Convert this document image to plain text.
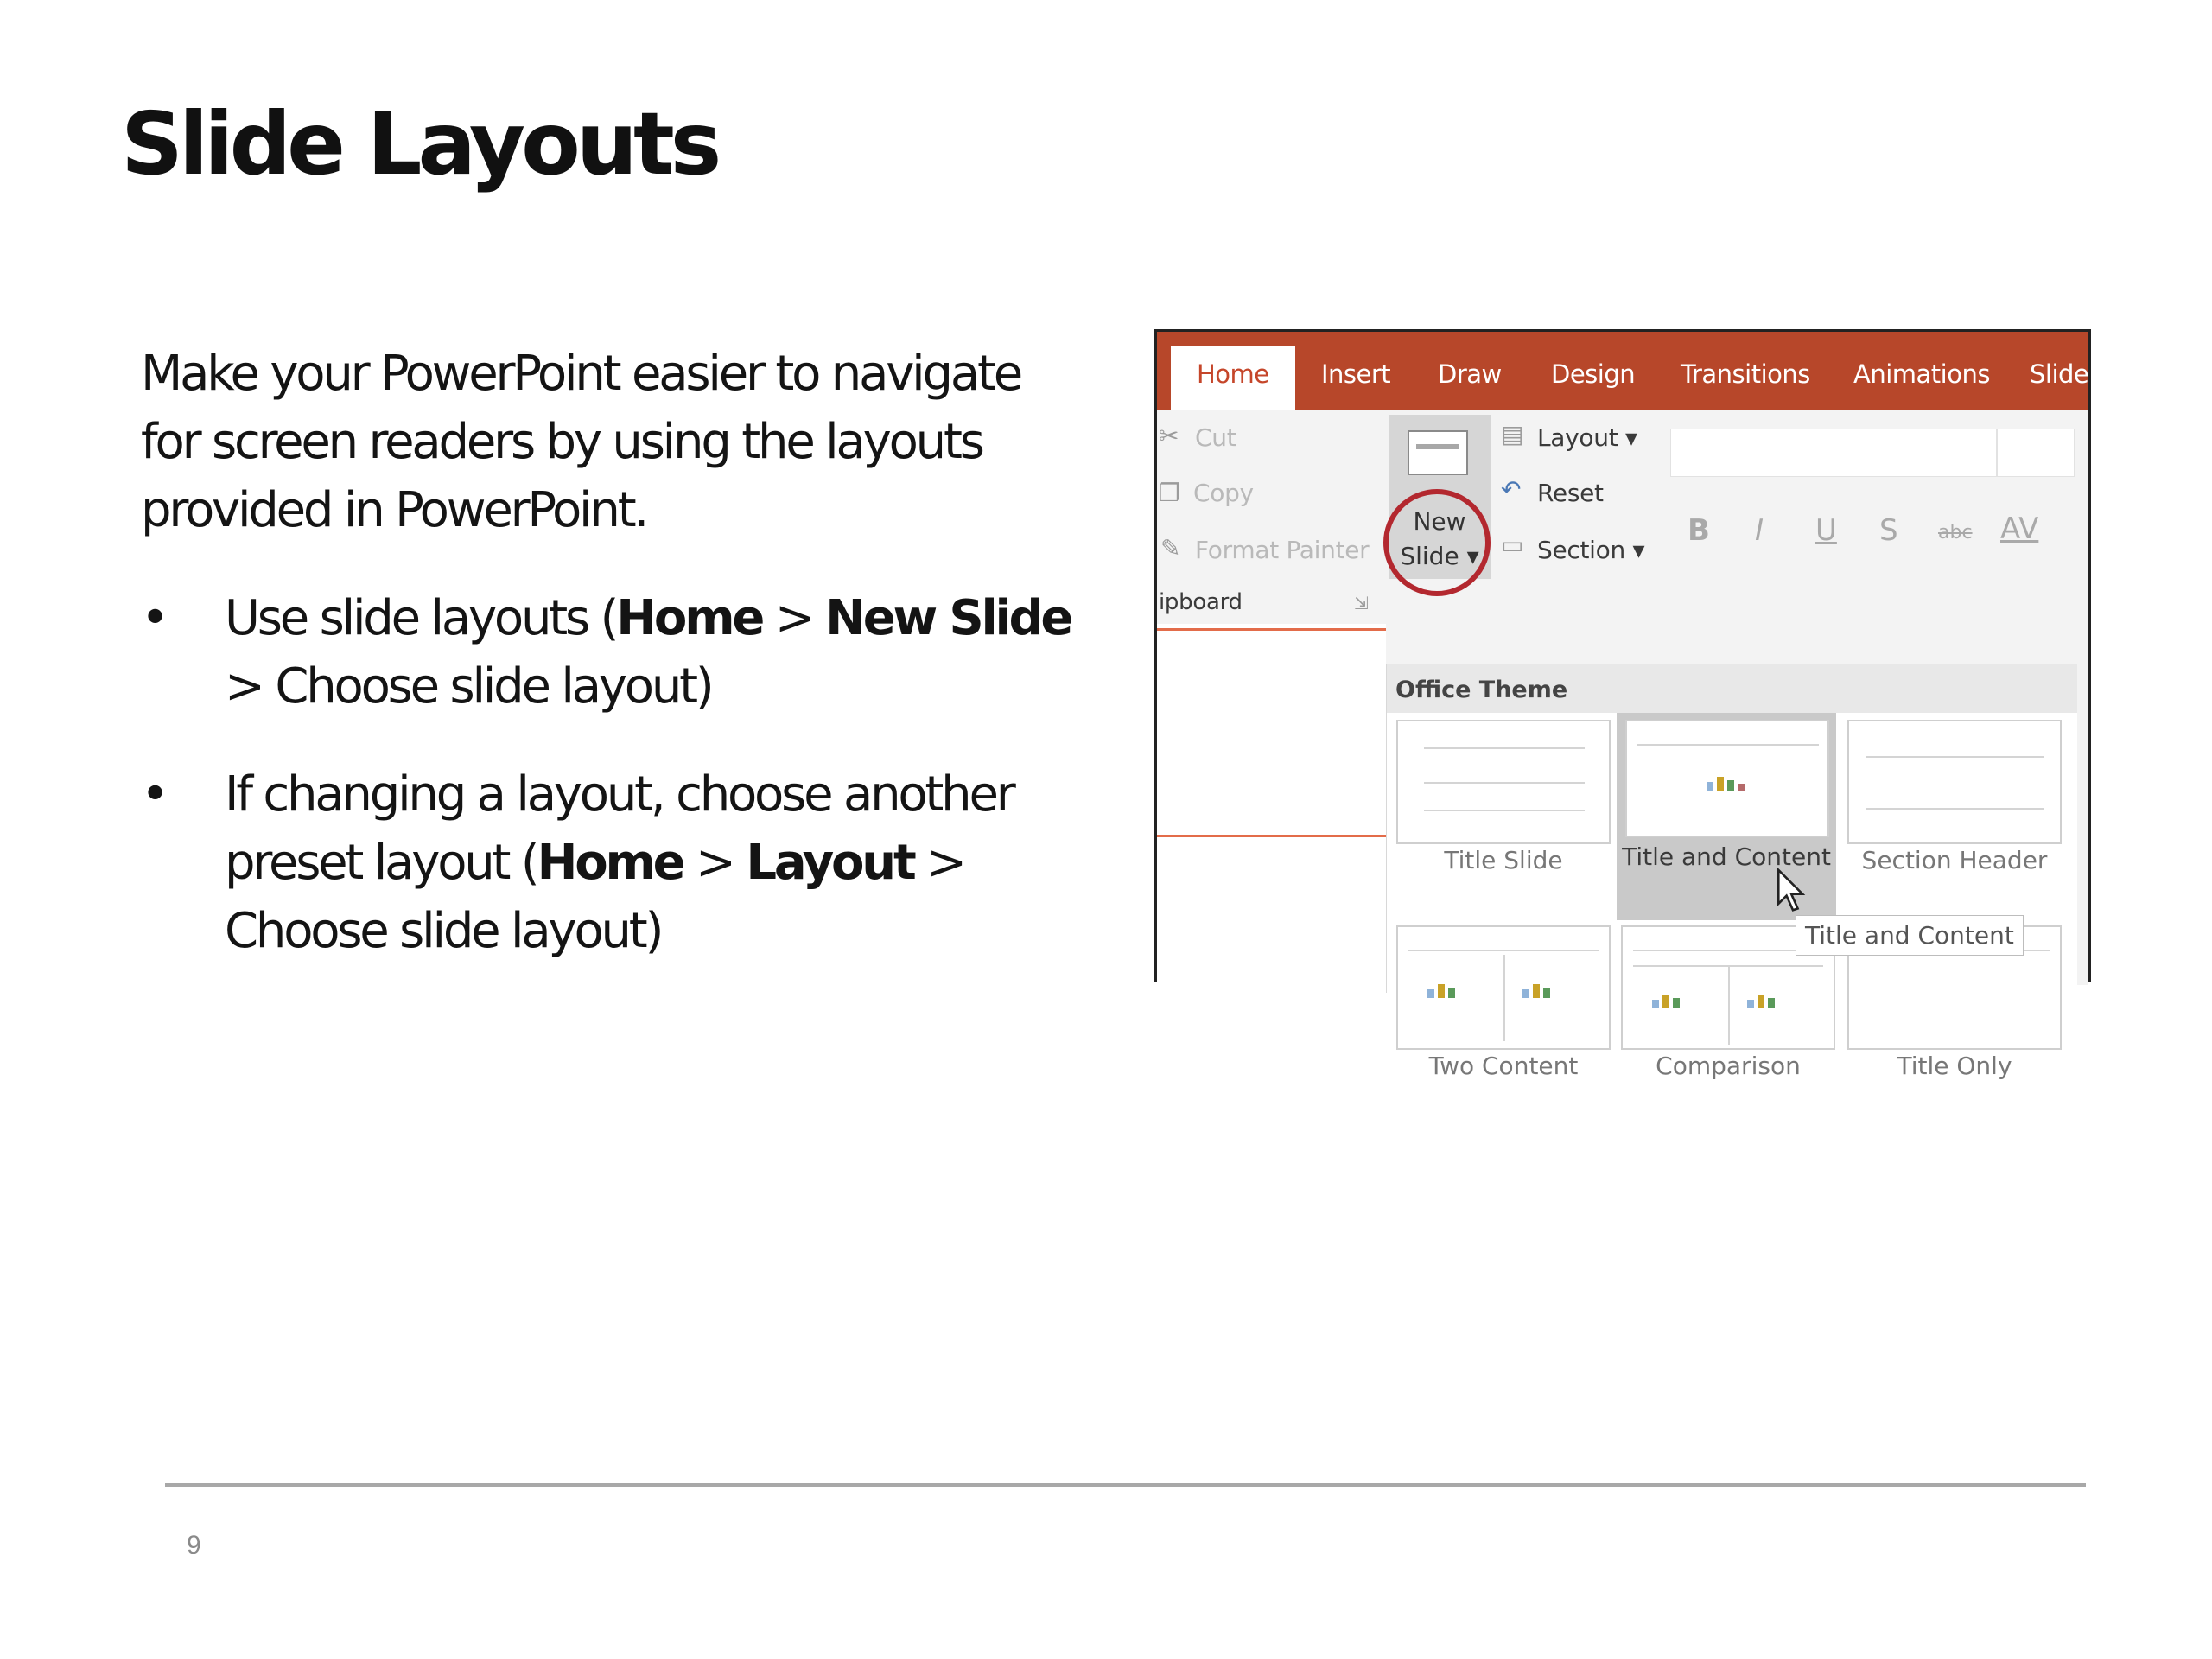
Slide Layouts

Make your PowerPoint easier to navigate for screen readers by using the layouts provided in PowerPoint.

• Use slide layouts (Home > New Slide > Choose slide layout)
• If changing a layout, choose another preset layout (Home > Layout > Choose slide layout)
Home	Insert Draw Design Transitions Animations Slide
✂ Cut
❐ Copy
✎ Format Painter
ipboard	⇲
New
Slide ▾
▤ Layout ▾
↶ Reset
▭ Section ▾
B I U S abc AV
Office Theme
Title Slide	Title and Content	Section Header
Two Content	Comparison	Title Only
Title and Content
9
